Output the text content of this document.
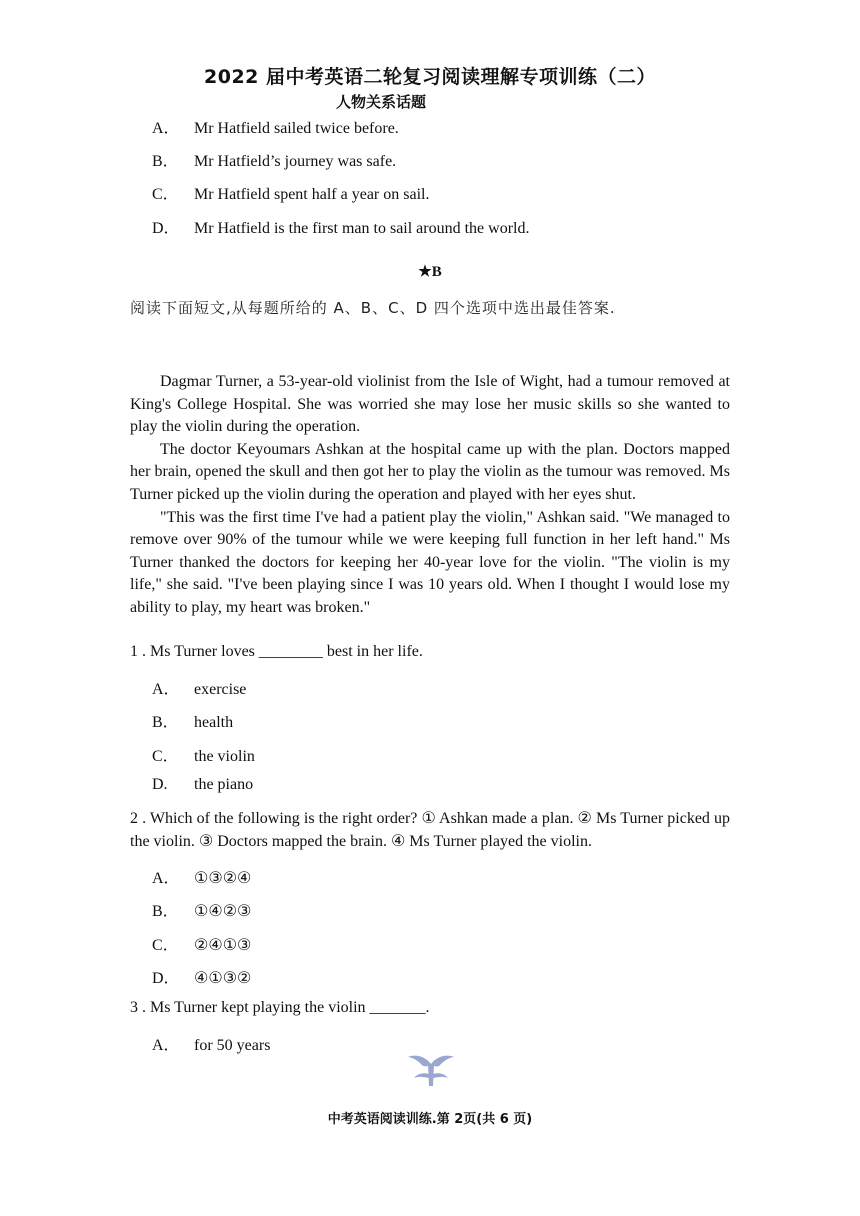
2022 届中考英语二轮复习阅读理解专项训练（二）
人物关系话题
A． Mr Hatfield sailed twice before.
B． Mr Hatfield’s journey was safe.
C． Mr Hatfield spent half a year on sail.
D． Mr Hatfield is the first man to sail around the world.
★B
阅读下面短文,从每题所给的 A、B、C、D 四个选项中选出最佳答案.

Dagmar Turner, a 53-year-old violinist from the Isle of Wight, had a tumour removed at King's College Hospital. She was worried she may lose her music skills so she wanted to play the violin during the operation.

The doctor Keyoumars Ashkan at the hospital came up with the plan. Doctors mapped her brain, opened the skull and then got her to play the violin as the tumour was removed. Ms Turner picked up the violin during the operation and played with her eyes shut.

"This was the first time I've had a patient play the violin," Ashkan said. "We managed to remove over 90% of the tumour while we were keeping full function in her left hand." Ms Turner thanked the doctors for keeping her 40-year love for the violin. "The violin is my life," she said. "I've been playing since I was 10 years old. When I thought I would lose my ability to play, my heart was broken."

1 . Ms Turner loves ________ best in her life.
A． exercise
B． health
C． the violin
D. the piano
2 . Which of the following is the right order? ① Ashkan made a plan. ② Ms Turner picked up the violin. ③ Doctors mapped the brain. ④ Ms Turner played the violin.
A． ①③②④
B． ①④②③
C． ②④①③
D． ④①③②
3 . Ms Turner kept playing the violin _______.
A． for 50 years
中考英语阅读训练.第 2页(共 6 页)
